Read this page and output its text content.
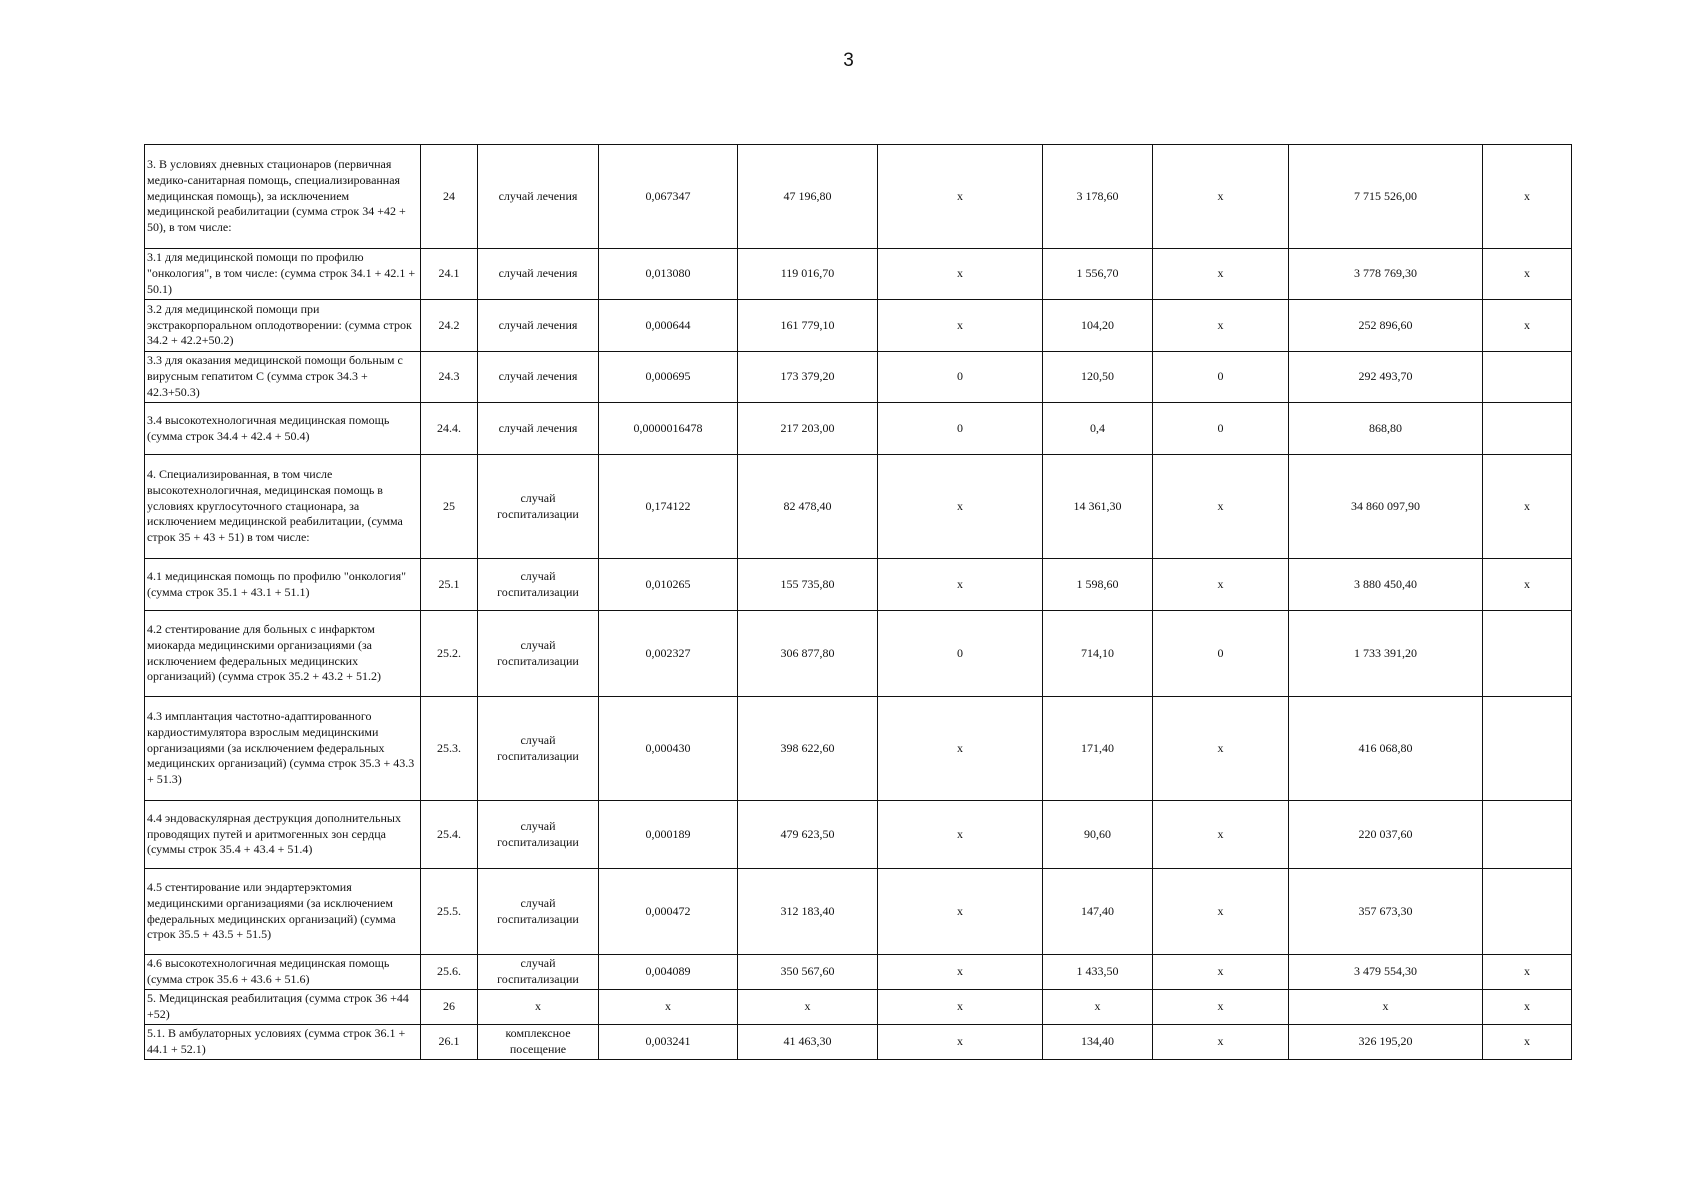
3
3. В условиях дневных стационаров (первичная медико-санитарная помощь, специализированная медицинская помощь), за исключением медицинской реабилитации (сумма строк 34 +42 + 50), в том числе:	24	случай лечения	0,067347	47 196,80	х	3 178,60	х	7 715 526,00	х
3.1 для медицинской помощи по профилю "онкология", в том числе: (сумма строк 34.1 + 42.1 + 50.1)	24.1	случай лечения	0,013080	119 016,70	х	1 556,70	х	3 778 769,30	х
3.2 для медицинской помощи при экстракорпоральном оплодотворении: (сумма строк 34.2 + 42.2+50.2)	24.2	случай лечения	0,000644	161 779,10	х	104,20	х	252 896,60	х
3.3 для оказания медицинской помощи больным с вирусным гепатитом С (сумма строк 34.3 + 42.3+50.3)	24.3	случай лечения	0,000695	173 379,20	0	120,50	0	292 493,70	
3.4 высокотехнологичная медицинская помощь (сумма строк 34.4 + 42.4 + 50.4)	24.4.	случай лечения	0,0000016478	217 203,00	0	0,4	0	868,80	
4. Специализированная, в том числе высокотехнологичная, медицинская помощь в условиях круглосуточного стационара, за исключением медицинской реабилитации, (сумма строк 35 + 43 + 51) в том числе:	25	случай госпитализации	0,174122	82 478,40	х	14 361,30	х	34 860 097,90	х
4.1 медицинская помощь по профилю "онкология" (сумма строк 35.1 + 43.1 + 51.1)	25.1	случай госпитализации	0,010265	155 735,80	х	1 598,60	х	3 880 450,40	х
4.2 стентирование для больных с инфарктом миокарда медицинскими организациями (за исключением федеральных медицинских организаций) (сумма строк 35.2 + 43.2 + 51.2)	25.2.	случай госпитализации	0,002327	306 877,80	0	714,10	0	1 733 391,20	
4.3 имплантация частотно-адаптированного кардиостимулятора взрослым медицинскими организациями (за исключением федеральных медицинских организаций) (сумма строк 35.3 + 43.3 + 51.3)	25.3.	случай госпитализации	0,000430	398 622,60	х	171,40	х	416 068,80	
4.4 эндоваскулярная деструкция дополнительных проводящих путей и аритмогенных зон сердца (суммы строк 35.4 + 43.4 + 51.4)	25.4.	случай госпитализации	0,000189	479 623,50	х	90,60	х	220 037,60	
4.5 стентирование или эндартерэктомия медицинскими организациями (за исключением федеральных медицинских организаций) (сумма строк 35.5 + 43.5 + 51.5)	25.5.	случай госпитализации	0,000472	312 183,40	х	147,40	х	357 673,30	
4.6 высокотехнологичная медицинская помощь (сумма строк 35.6 + 43.6 + 51.6)	25.6.	случай госпитализации	0,004089	350 567,60	х	1 433,50	х	3 479 554,30	х
5. Медицинская реабилитация (сумма строк 36 +44 +52)	26	х	х	х	х	х	х	х	х
5.1. В амбулаторных условиях (сумма строк 36.1 + 44.1 + 52.1)	26.1	комплексное посещение	0,003241	41 463,30	х	134,40	х	326 195,20	х
